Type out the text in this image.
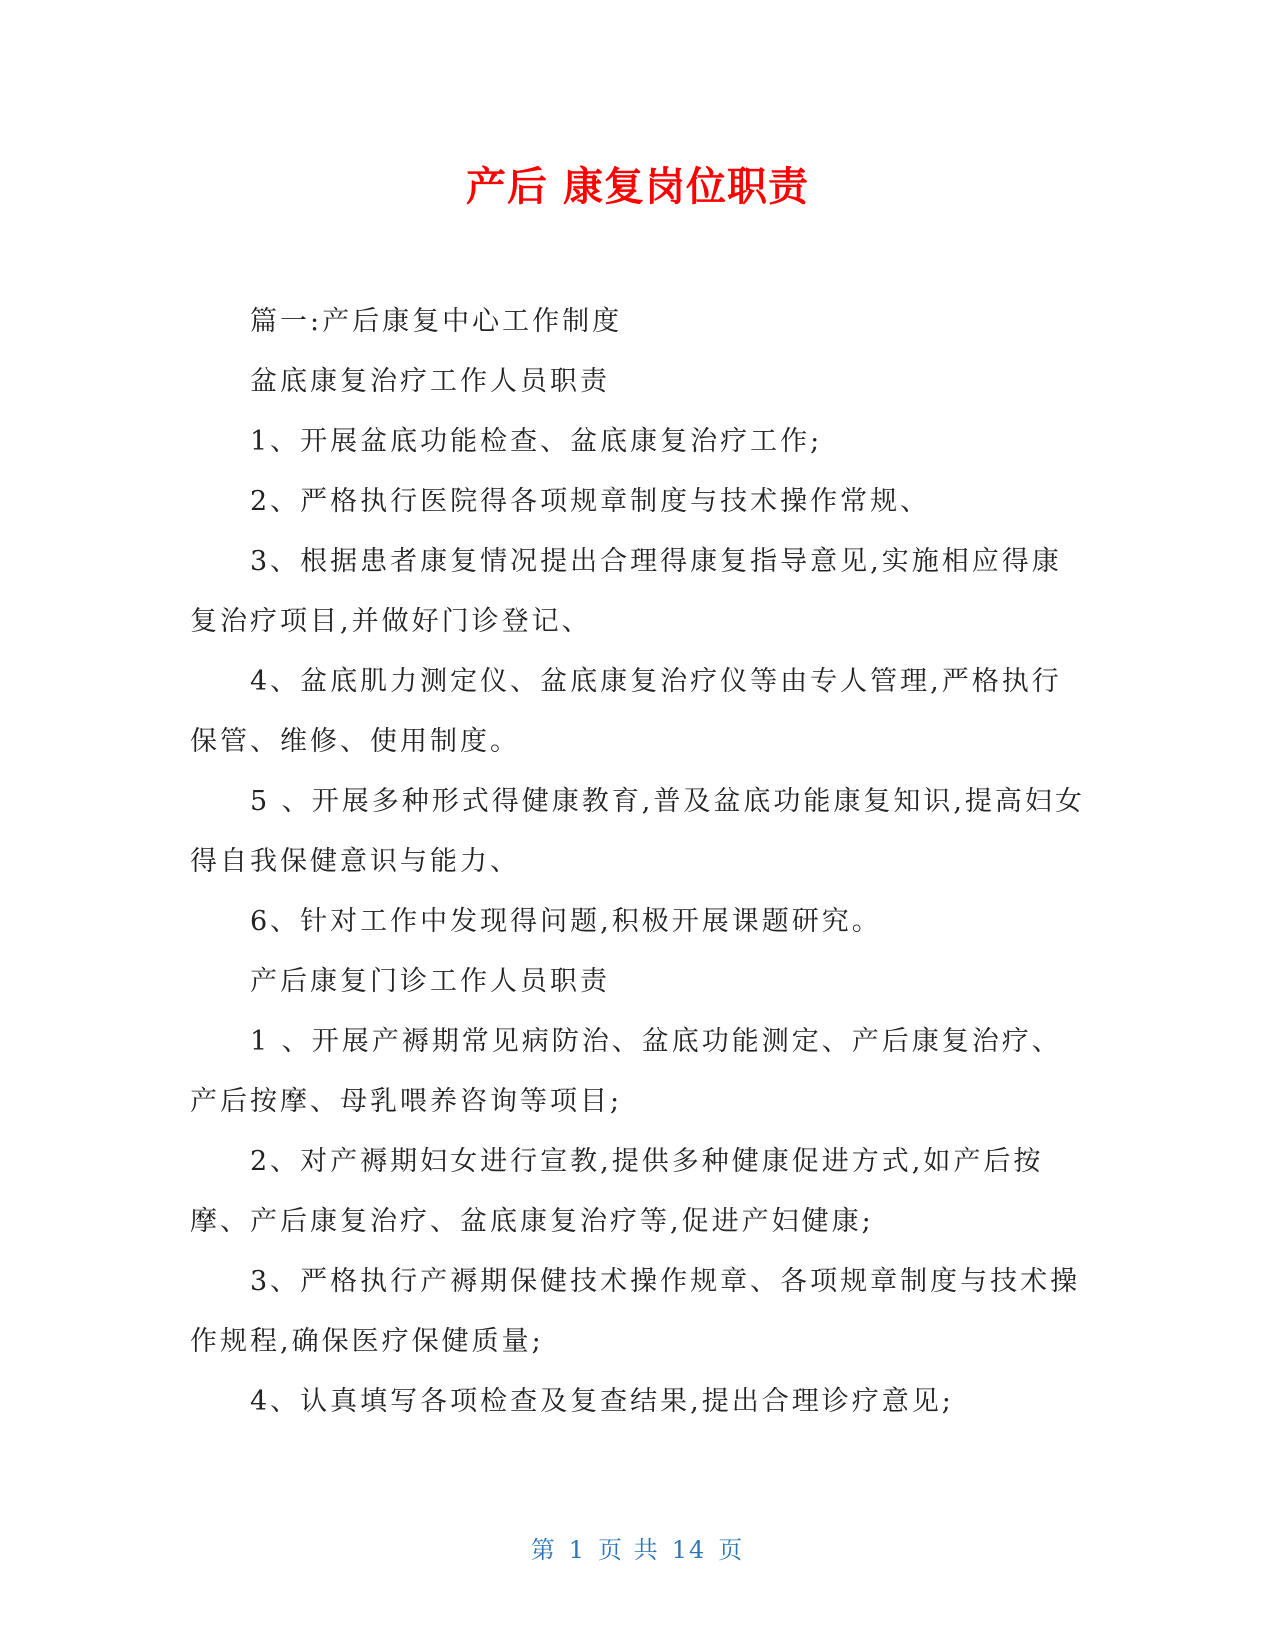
产后 康复岗位职责

篇一:产后康复中心工作制度

盆底康复治疗工作人员职责

1、开展盆底功能检查、盆底康复治疗工作;

2、严格执行医院得各项规章制度与技术操作常规、

3、根据患者康复情况提出合理得康复指导意见,实施相应得康复治疗项目,并做好门诊登记、

4、盆底肌力测定仪、盆底康复治疗仪等由专人管理,严格执行保管、维修、使用制度。

5 、开展多种形式得健康教育,普及盆底功能康复知识,提高妇女得自我保健意识与能力、

6、针对工作中发现得问题,积极开展课题研究。

产后康复门诊工作人员职责

1 、开展产褥期常见病防治、盆底功能测定、产后康复治疗、产后按摩、母乳喂养咨询等项目;

2、对产褥期妇女进行宣教,提供多种健康促进方式,如产后按摩、产后康复治疗、盆底康复治疗等,促进产妇健康;

3、严格执行产褥期保健技术操作规章、各项规章制度与技术操作规程,确保医疗保健质量;

4、认真填写各项检查及复查结果,提出合理诊疗意见;

第 1 页 共 14 页
